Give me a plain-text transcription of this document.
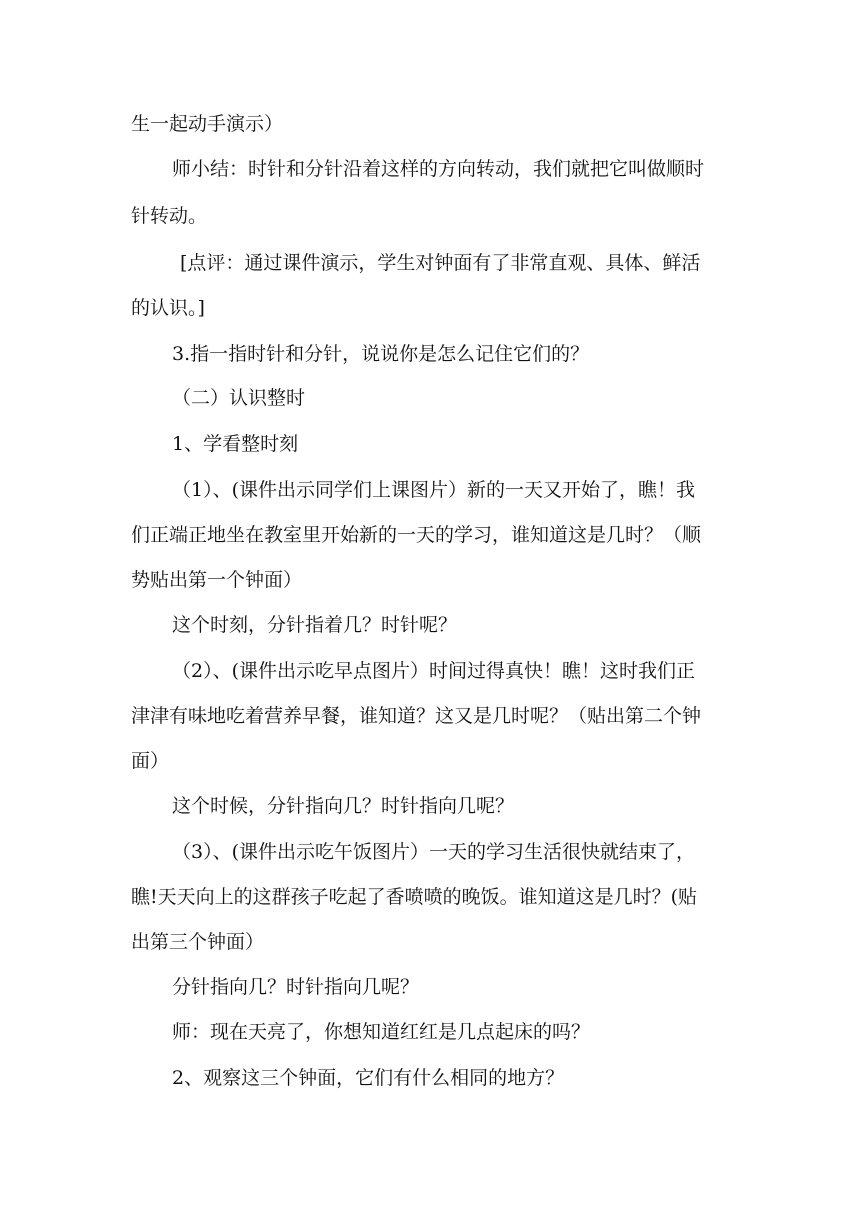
生一起动手演示）
师小结：时针和分针沿着这样的方向转动，我们就把它叫做顺时
针转动。
[点评：通过课件演示，学生对钟面有了非常直观、具体、鲜活
的认识。]
3.指一指时针和分针，说说你是怎么记住它们的？
（二）认识整时
1、学看整时刻
（1）、(课件出示同学们上课图片）新的一天又开始了，瞧！我
们正端正地坐在教室里开始新的一天的学习，谁知道这是几时？（顺
势贴出第一个钟面）
这个时刻，分针指着几？时针呢？
（2）、(课件出示吃早点图片）时间过得真快！瞧！这时我们正
津津有味地吃着营养早餐，谁知道？这又是几时呢？（贴出第二个钟
面）
这个时候，分针指向几？时针指向几呢？
（3）、(课件出示吃午饭图片）一天的学习生活很快就结束了，
瞧!天天向上的这群孩子吃起了香喷喷的晚饭。谁知道这是几时？(贴
出第三个钟面）
分针指向几？时针指向几呢？
师：现在天亮了，你想知道红红是几点起床的吗？
2、观察这三个钟面，它们有什么相同的地方？
